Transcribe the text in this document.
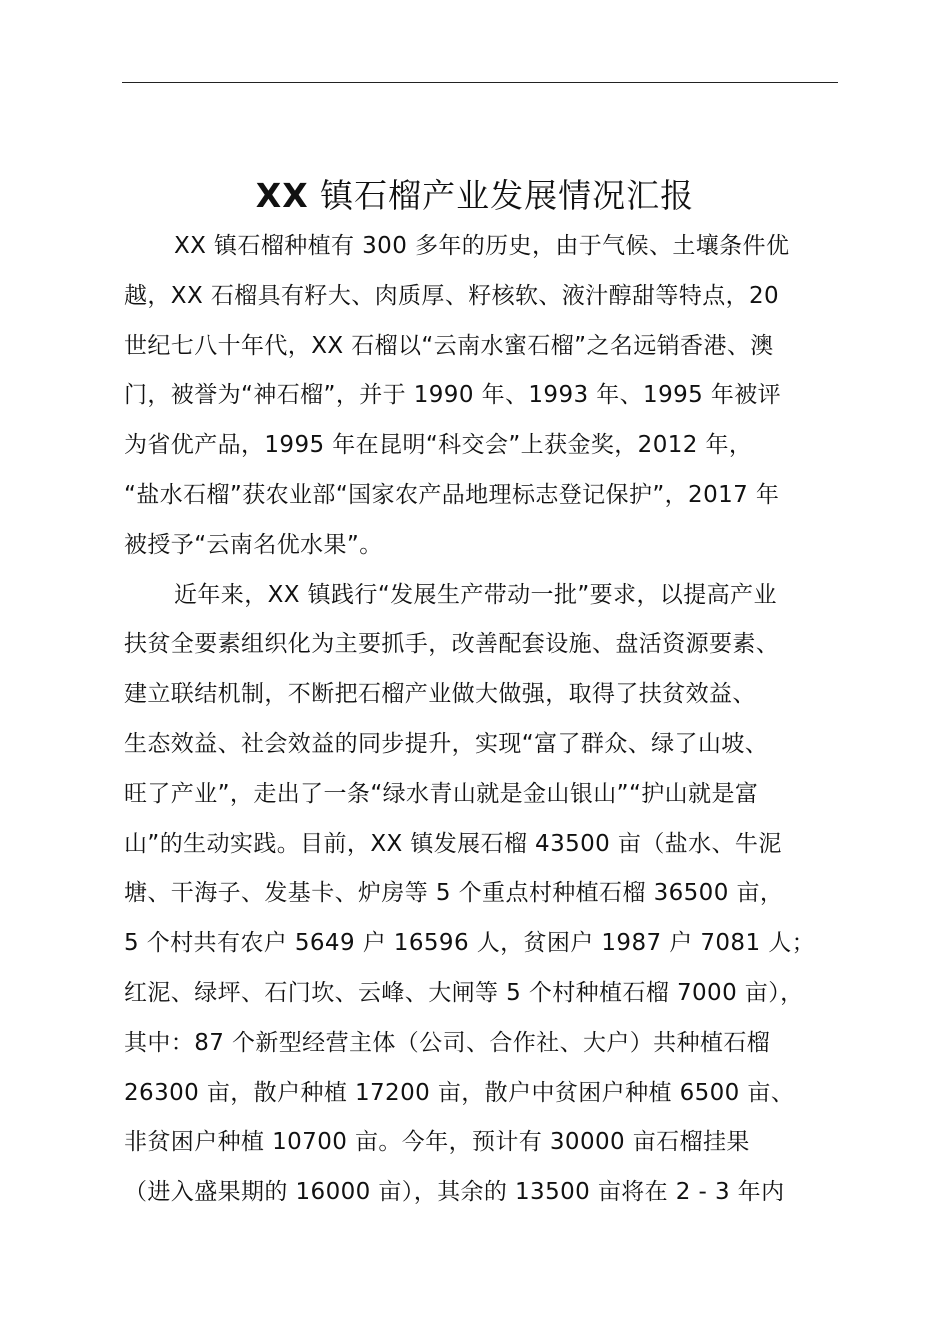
XX 镇石榴产业发展情况汇报
XX 镇石榴种植有 300 多年的历史，由于气候、土壤条件优
越，XX 石榴具有籽大、肉质厚、籽核软、液汁醇甜等特点，20
世纪七八十年代，XX 石榴以“云南水蜜石榴”之名远销香港、澳
门，被誉为“神石榴”，并于 1990 年、1993 年、1995 年被评
为省优产品，1995 年在昆明“科交会”上获金奖，2012 年，
“盐水石榴”获农业部“国家农产品地理标志登记保护”，2017 年
被授予“云南名优水果”。
近年来，XX 镇践行“发展生产带动一批”要求，以提高产业
扶贫全要素组织化为主要抓手，改善配套设施、盘活资源要素、
建立联结机制，不断把石榴产业做大做强，取得了扶贫效益、
生态效益、社会效益的同步提升，实现“富了群众、绿了山坡、
旺了产业”，走出了一条“绿水青山就是金山银山”“护山就是富
山”的生动实践。目前，XX 镇发展石榴 43500 亩（盐水、牛泥
塘、干海子、发基卡、炉房等 5 个重点村种植石榴 36500 亩，
5 个村共有农户 5649 户 16596 人，贫困户 1987 户 7081 人；
红泥、绿坪、石门坎、云峰、大闸等 5 个村种植石榴 7000 亩），
其中：87 个新型经营主体（公司、合作社、大户）共种植石榴
26300 亩，散户种植 17200 亩，散户中贫困户种植 6500 亩、
非贫困户种植 10700 亩。今年，预计有 30000 亩石榴挂果
（进入盛果期的 16000 亩），其余的 13500 亩将在 2 - 3 年内
